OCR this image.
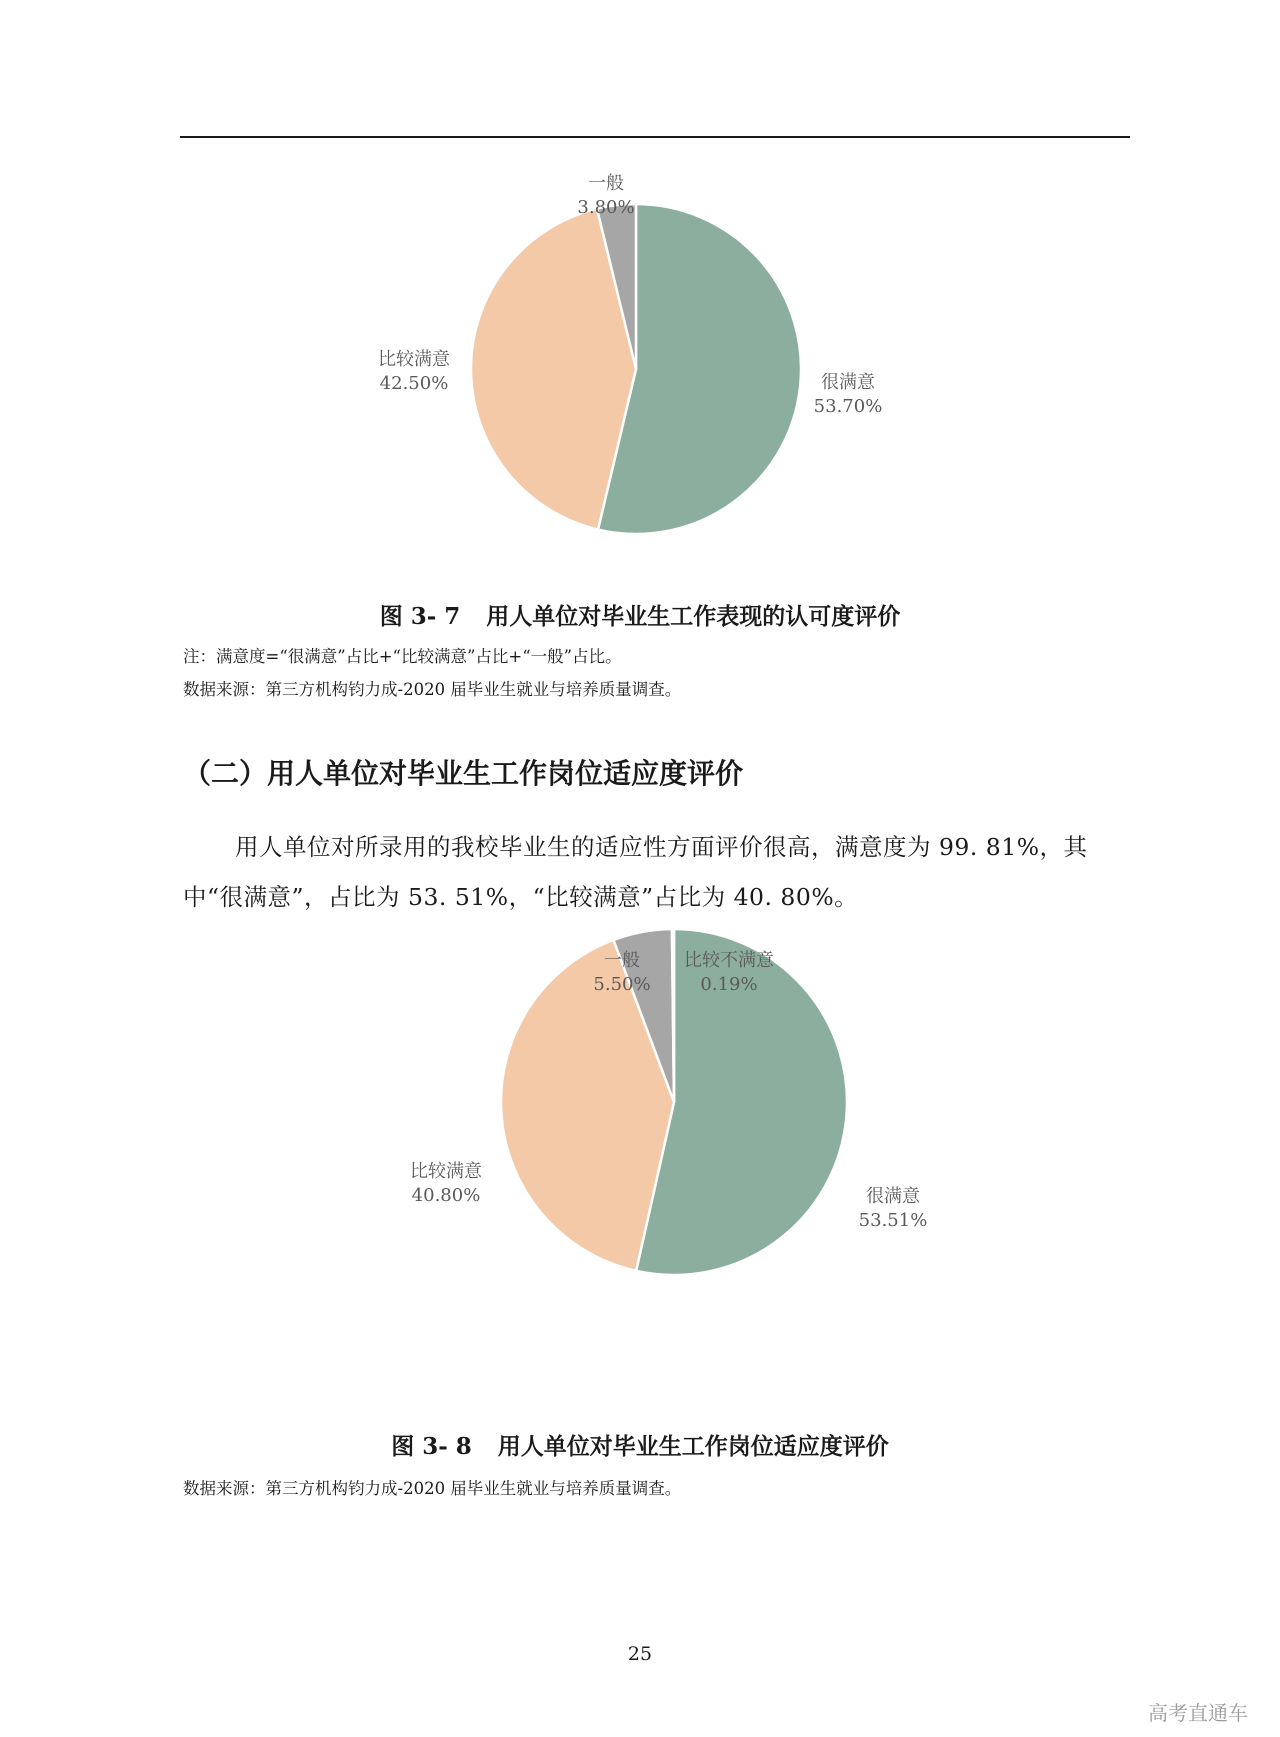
很满意
53.70%
比较满意
42.50%
一般
3.80%
图 3- 7 用人单位对毕业生工作表现的认可度评价
注：满意度=“很满意”占比+“比较满意”占比+“一般”占比。
数据来源：第三方机构钧力成-2020 届毕业生就业与培养质量调查。
（二）用人单位对毕业生工作岗位适应度评价
用人单位对所录用的我校毕业生的适应性方面评价很高，满意度为 99. 81%，其中“很满意”，占比为 53. 51%，“比较满意”占比为 40. 80%。
很满意
53.51%
比较满意
40.80%
一般
5.50%
比较不满意
0.19%
图 3- 8 用人单位对毕业生工作岗位适应度评价
数据来源：第三方机构钧力成-2020 届毕业生就业与培养质量调查。
25
高考直通车
